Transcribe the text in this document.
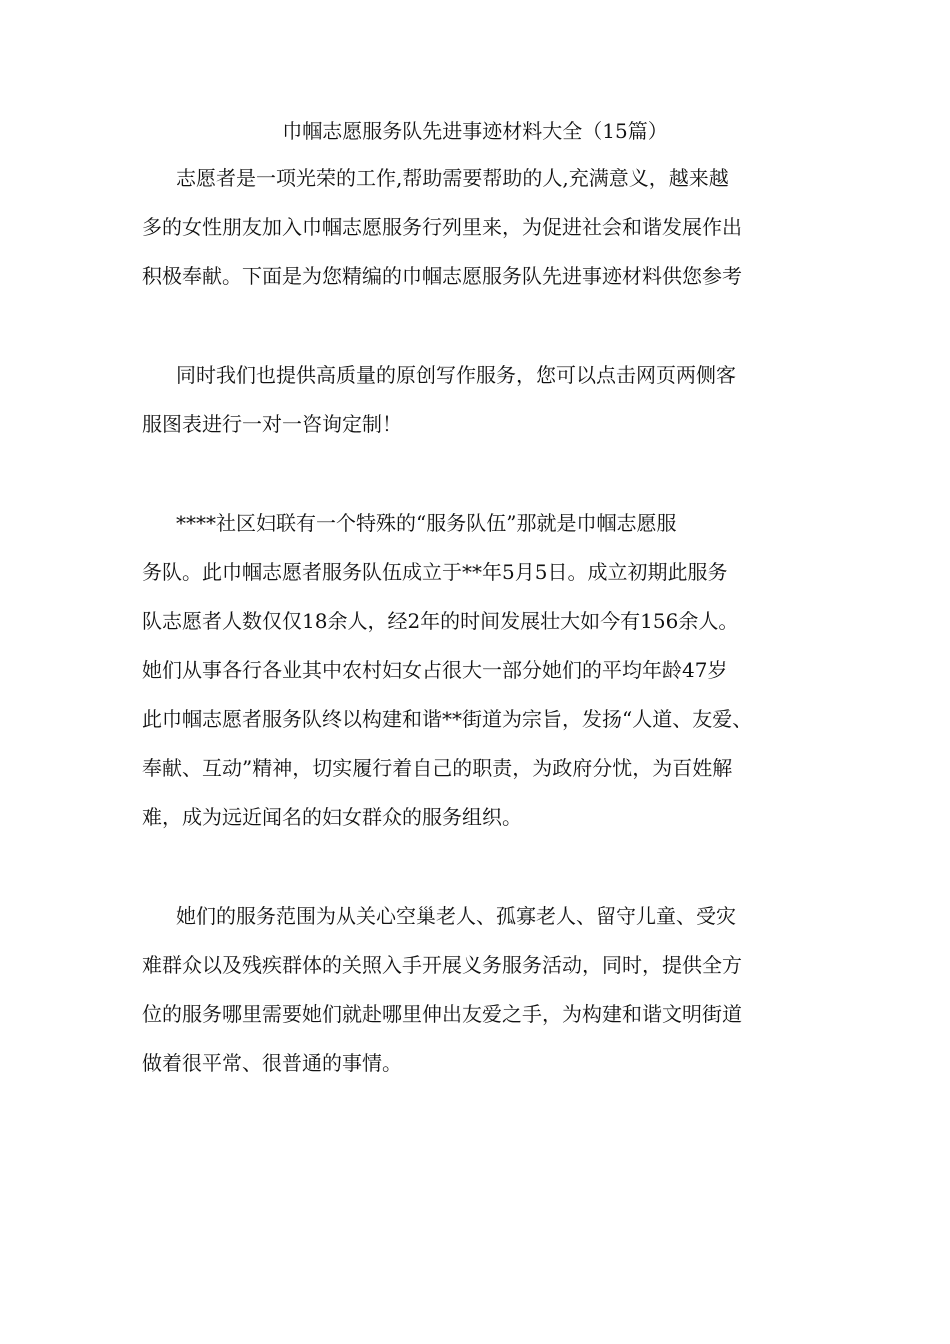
巾帼志愿服务队先进事迹材料大全（15篇）
志愿者是一项光荣的工作,帮助需要帮助的人,充满意义，越来越
多的女性朋友加入巾帼志愿服务行列里来，为促进社会和谐发展作出
积极奉献。下面是为您精编的巾帼志愿服务队先进事迹材料供您参考
同时我们也提供高质量的原创写作服务，您可以点击网页两侧客
服图表进行一对一咨询定制！
****社区妇联有一个特殊的“服务队伍”那就是巾帼志愿服
务队。此巾帼志愿者服务队伍成立于**年5月5日。成立初期此服务
队志愿者人数仅仅18余人，经2年的时间发展壮大如今有156余人。
她们从事各行各业其中农村妇女占很大一部分她们的平均年龄47岁
此巾帼志愿者服务队终以构建和谐**街道为宗旨，发扬“人道、友爱、
奉献、互动”精神，切实履行着自己的职责，为政府分忧，为百姓解
难，成为远近闻名的妇女群众的服务组织。
她们的服务范围为从关心空巢老人、孤寡老人、留守儿童、受灾
难群众以及残疾群体的关照入手开展义务服务活动，同时，提供全方
位的服务哪里需要她们就赴哪里伸出友爱之手，为构建和谐文明街道
做着很平常、很普通的事情。
